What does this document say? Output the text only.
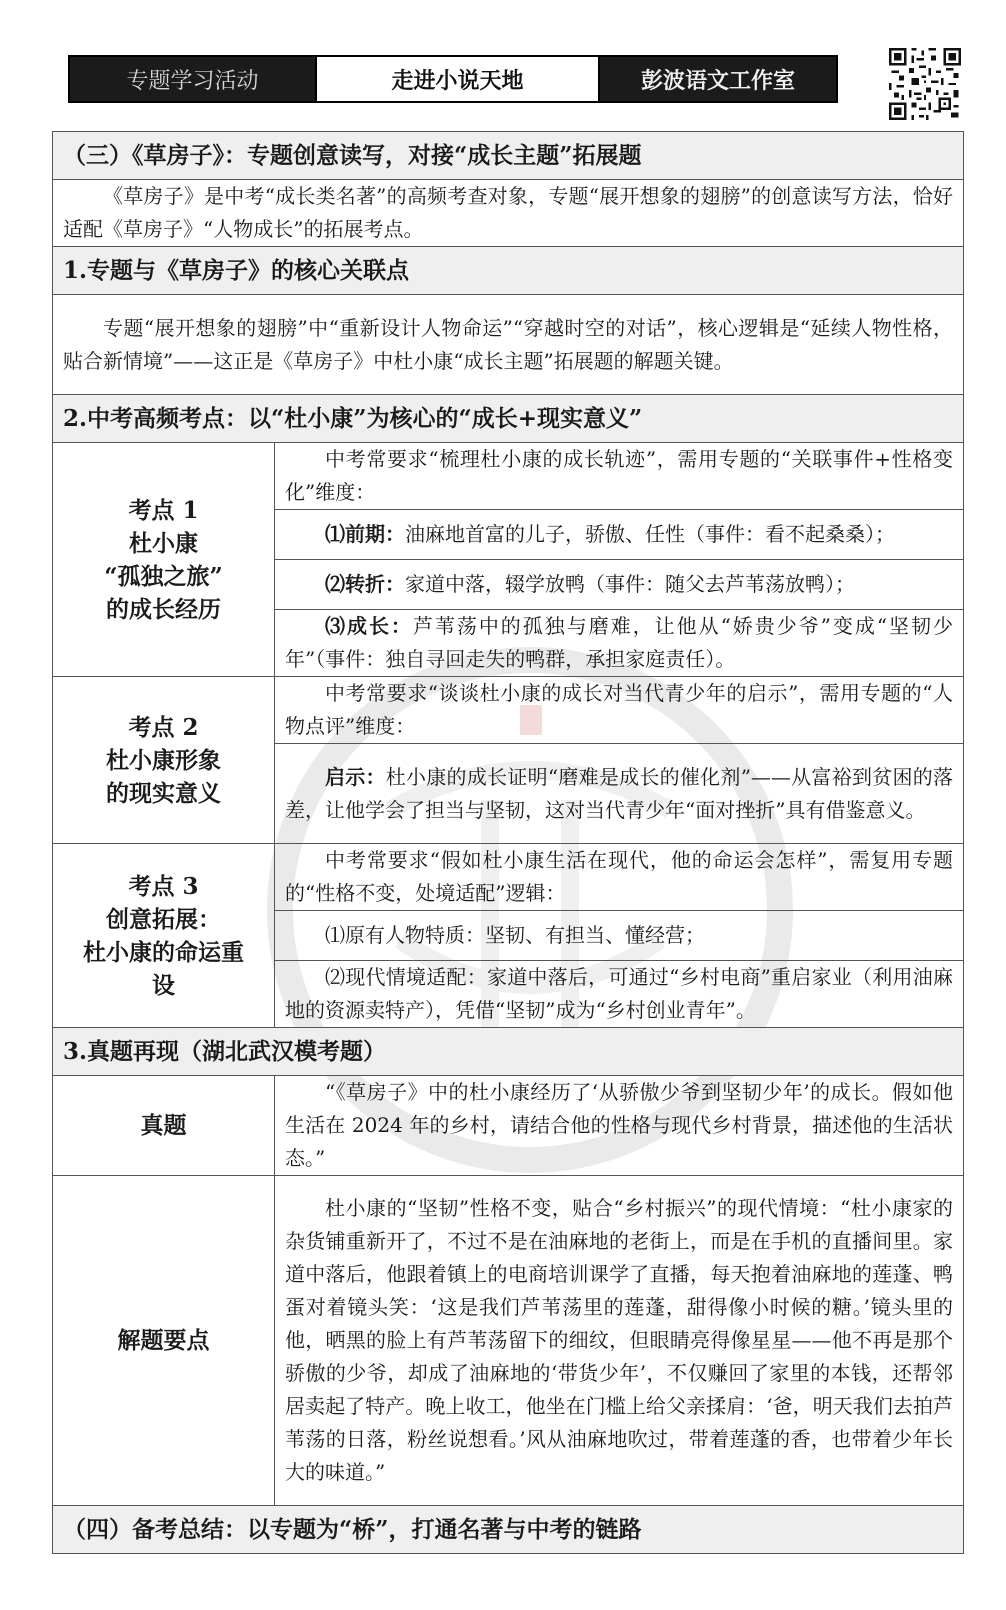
专题学习活动	走进小说天地	彭波语文工作室
（三）《草房子》：专题创意读写，对接“成长主题”拓展题	
《草房子》是中考“成长类名著”的高频考查对象，专题“展开想象的翅膀”的创意读写方法，恰好适配《草房子》“人物成长”的拓展考点。	
1.专题与《草房子》的核心关联点	
专题“展开想象的翅膀”中“重新设计人物命运”“穿越时空的对话”，核心逻辑是“延续人物性格，贴合新情境”——这正是《草房子》中杜小康“成长主题”拓展题的解题关键。	
2.中考高频考点：以“杜小康”为核心的“成长+现实意义”	

考点 1
杜小康
“孤独之旅”
的成长经历	中考常要求“梳理杜小康的成长轨迹”，需用专题的“关联事件+性格变化”维度：
	⑴前期：油麻地首富的儿子，骄傲、任性（事件：看不起桑桑）；
	⑵转折：家道中落，辍学放鸭（事件：随父去芦苇荡放鸭）；
	⑶成长：芦苇荡中的孤独与磨难，让他从“娇贵少爷”变成“坚韧少年”（事件：独自寻回走失的鸭群，承担家庭责任）。

考点 2
杜小康形象
的现实意义	中考常要求“谈谈杜小康的成长对当代青少年的启示”，需用专题的“人物点评”维度：
	启示：杜小康的成长证明“磨难是成长的催化剂”——从富裕到贫困的落差，让他学会了担当与坚韧，这对当代青少年“面对挫折”具有借鉴意义。

考点 3
创意拓展：
杜小康的命运重
设	中考常要求“假如杜小康生活在现代，他的命运会怎样”，需复用专题的“性格不变，处境适配”逻辑：
	⑴原有人物特质：坚韧、有担当、懂经营；
	⑵现代情境适配：家道中落后，可通过“乡村电商”重启家业（利用油麻地的资源卖特产），凭借“坚韧”成为“乡村创业青年”。
3.真题再现（湖北武汉模考题）	
真题	“《草房子》中的杜小康经历了‘从骄傲少爷到坚韧少年’的成长。假如他生活在 2024 年的乡村，请结合他的性格与现代乡村背景，描述他的生活状态。”
解题要点	杜小康的“坚韧”性格不变，贴合“乡村振兴”的现代情境：“杜小康家的杂货铺重新开了，不过不是在油麻地的老街上，而是在手机的直播间里。家道中落后，他跟着镇上的电商培训课学了直播，每天抱着油麻地的莲蓬、鸭蛋对着镜头笑：‘这是我们芦苇荡里的莲蓬，甜得像小时候的糖。’镜头里的他，晒黑的脸上有芦苇荡留下的细纹，但眼睛亮得像星星——他不再是那个骄傲的少爷，却成了油麻地的‘带货少年’，不仅赚回了家里的本钱，还帮邻居卖起了特产。晚上收工，他坐在门槛上给父亲揉肩：‘爸，明天我们去拍芦苇荡的日落，粉丝说想看。’风从油麻地吹过，带着莲蓬的香，也带着少年长大的味道。”
（四）备考总结：以专题为“桥”，打通名著与中考的链路	
